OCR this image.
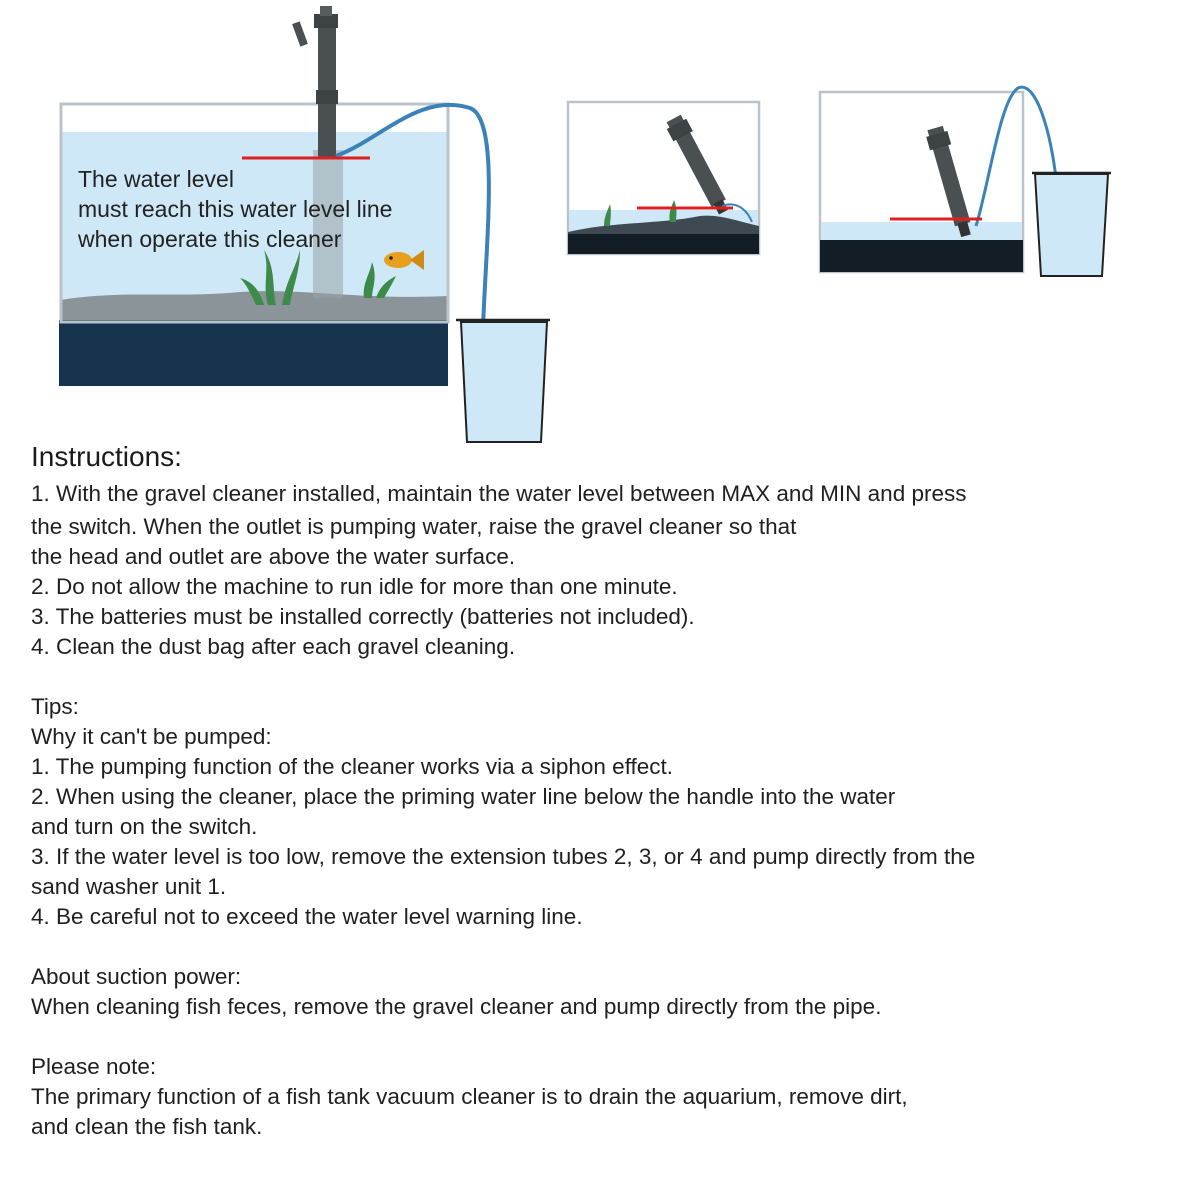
The water level
must reach this water level line
when operate this cleaner
Instructions:
1. With the gravel cleaner installed, maintain the water level between MAX and MIN and press
the switch. When the outlet is pumping water, raise the gravel cleaner so that
the head and outlet are above the water surface.
2. Do not allow the machine to run idle for more than one minute.
3. The batteries must be installed correctly (batteries not included).
4. Clean the dust bag after each gravel cleaning.
Tips:
Why it can't be pumped:
1. The pumping function of the cleaner works via a siphon effect.
2. When using the cleaner, place the priming water line below the handle into the water
and turn on the switch.
3. If the water level is too low, remove the extension tubes 2, 3, or 4 and pump directly from the
sand washer unit 1.
4. Be careful not to exceed the water level warning line.
About suction power:
When cleaning fish feces, remove the gravel cleaner and pump directly from the pipe.
Please note:
The primary function of a fish tank vacuum cleaner is to drain the aquarium, remove dirt,
and clean the fish tank.
